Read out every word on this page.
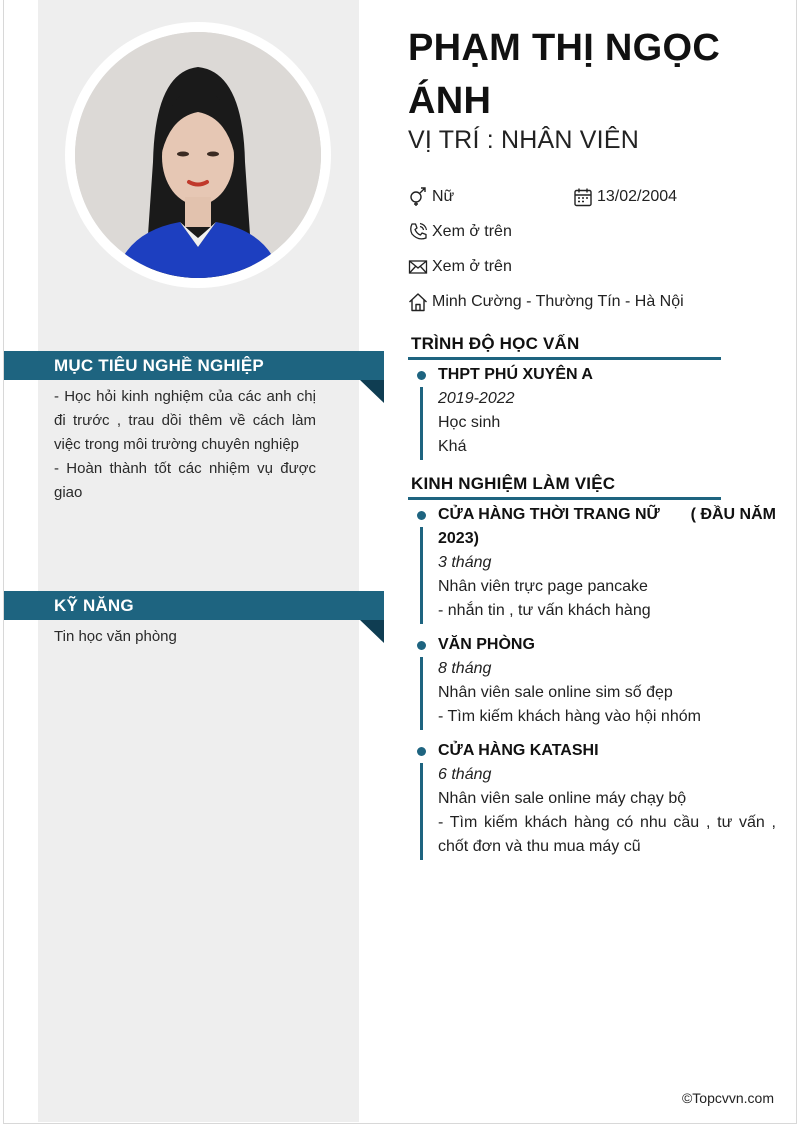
MỤC TIÊU NGHỀ NGHIỆP
- Học hỏi kinh nghiệm của các anh chị đi trước , trau dồi thêm về cách làm việc trong môi trường chuyên nghiệp
- Hoàn thành tốt các nhiệm vụ được giao
KỸ NĂNG
Tin học văn phòng
PHẠM THỊ NGỌC ÁNH
VỊ TRÍ : NHÂN VIÊN
Nữ	13/02/2004
Xem ở trên
Xem ở trên
Minh Cường - Thường Tín - Hà Nội
TRÌNH ĐỘ HỌC VẤN
THPT PHÚ XUYÊN A
2019-2022
Học sinh
Khá
KINH NGHIỆM LÀM VIỆC
CỬA HÀNG THỜI TRANG NỮ ( ĐẦU NĂM
2023)
3 tháng
Nhân viên trực page pancake
- nhắn tin , tư vấn khách hàng
VĂN PHÒNG
8 tháng
Nhân viên sale online sim số đẹp
- Tìm kiếm khách hàng vào hội nhóm
CỬA HÀNG KATASHI
6 tháng
Nhân viên sale online máy chạy bộ
- Tìm kiếm khách hàng có nhu cầu , tư vấn , chốt đơn và thu mua máy cũ
©Topcvvn.com
